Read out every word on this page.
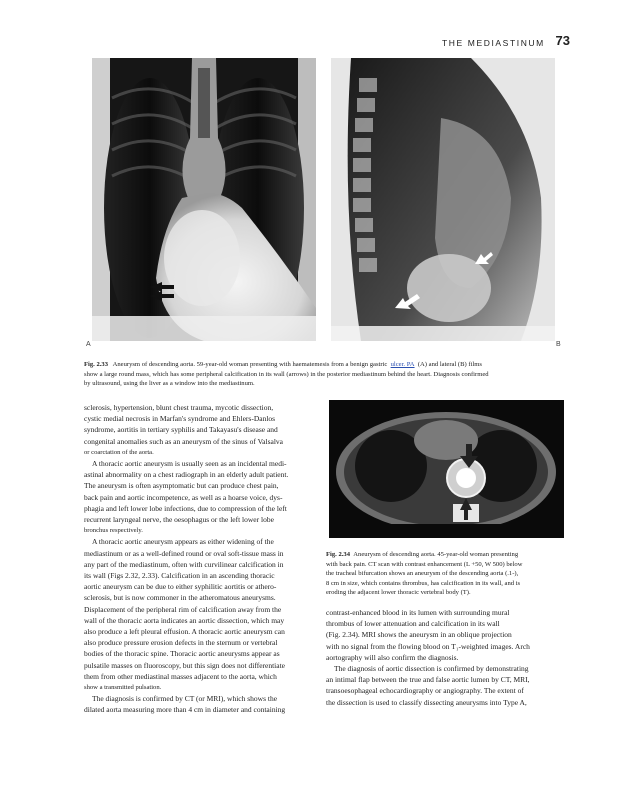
THE MEDIASTINUM 73
A	B
Fig. 2.33 Aneurysm of descending aorta. 59-year-old woman presenting with haematemesis from a benign gastric ulcer. PA (A) and lateral (B) films
show a large round mass, which has some peripheral calcification in its wall (arrows) in the posterior mediastinum behind the heart. Diagnosis confirmed
by ultrasound, using the liver as a window into the mediastinum.
Fig. 2.34 Aneurysm of descending aorta. 45-year-old woman presenting
with back pain. CT scan with contrast enhancement (L +50, W 500) below
the tracheal bifurcation shows an aneurysm of the descending aorta (.1-),
8 cm in size, which contains thrombus, has calcification in its wall, and is
eroding the adjacent lower thoracic vertebral body (T).
sclerosis, hypertension, blunt chest trauma, mycotic dissection,
cystic medial necrosis in Marfan's syndrome and Ehlers-Danlos
syndrome, aortitis in tertiary syphilis and Takayasu's disease and
congenital anomalies such as an aneurysm of the sinus of Valsalva
or coarctation of the aorta.
A thoracic aortic aneurysm is usually seen as an incidental medi-
astinal abnormality on a chest radiograph in an elderly adult patient.
The aneurysm is often asymptomatic but can produce chest pain,
back pain and aortic incompetence, as well as a hoarse voice, dys-
phagia and left lower lobe infections, due to compression of the left
recurrent laryngeal nerve, the oesophagus or the left lower lobe
bronchus respectively.
A thoracic aortic aneurysm appears as either widening of the
mediastinum or as a well-defined round or oval soft-tissue mass in
any part of the mediastinum, often with curvilinear calcification in
its wall (Figs 2.32, 2.33). Calcification in an ascending thoracic
aortic aneurysm can be due to either syphilitic aortitis or athero-
sclerosis, but is now commoner in the atheromatous aneurysms.
Displacement of the peripheral rim of calcification away from the
wall of the thoracic aorta indicates an aortic dissection, which may
also produce a left pleural effusion. A thoracic aortic aneurysm can
also produce pressure erosion defects in the sternum or vertebral
bodies of the thoracic spine. Thoracic aortic aneurysms appear as
pulsatile masses on fluoroscopy, but this sign does not differentiate
them from other mediastinal masses adjacent to the aorta, which
show a transmitted pulsation.
The diagnosis is confirmed by CT (or MRI), which shows the
dilated aorta measuring more than 4 cm in diameter and containing
contrast-enhanced blood in its lumen with surrounding mural
thrombus of lower attenuation and calcification in its wall
(Fig. 2.34). MRI shows the aneurysm in an oblique projection
with no signal from the flowing blood on T₁-weighted images. Arch
aortography will also confirm the diagnosis.
The diagnosis of aortic dissection is confirmed by demonstrating
an intimal flap between the true and false aortic lumen by CT, MRI,
transoesophageal echocardiography or angiography. The extent of
the dissection is used to classify dissecting aneurysms into Type A,
